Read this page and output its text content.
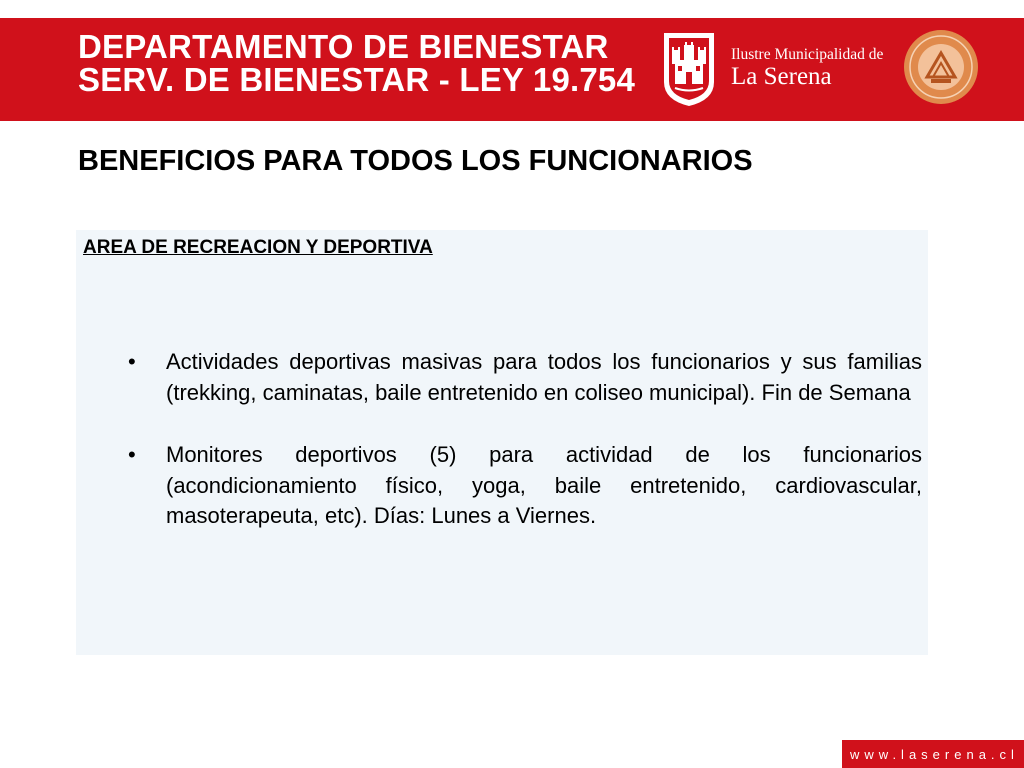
DEPARTAMENTO DE BIENESTAR
SERV. DE BIENESTAR - LEY 19.754
Ilustre Municipalidad de
La Serena
BENEFICIOS PARA TODOS LOS FUNCIONARIOS
AREA DE RECREACION Y DEPORTIVA
• Actividades deportivas masivas para todos los funcionarios y sus familias (trekking, caminatas, baile entretenido en coliseo municipal). Fin de Semana
• Monitores deportivos (5) para actividad de los funcionarios (acondicionamiento físico, yoga, baile entretenido, cardiovascular, masoterapeuta, etc). Días: Lunes a Viernes.
www.laserena.cl
